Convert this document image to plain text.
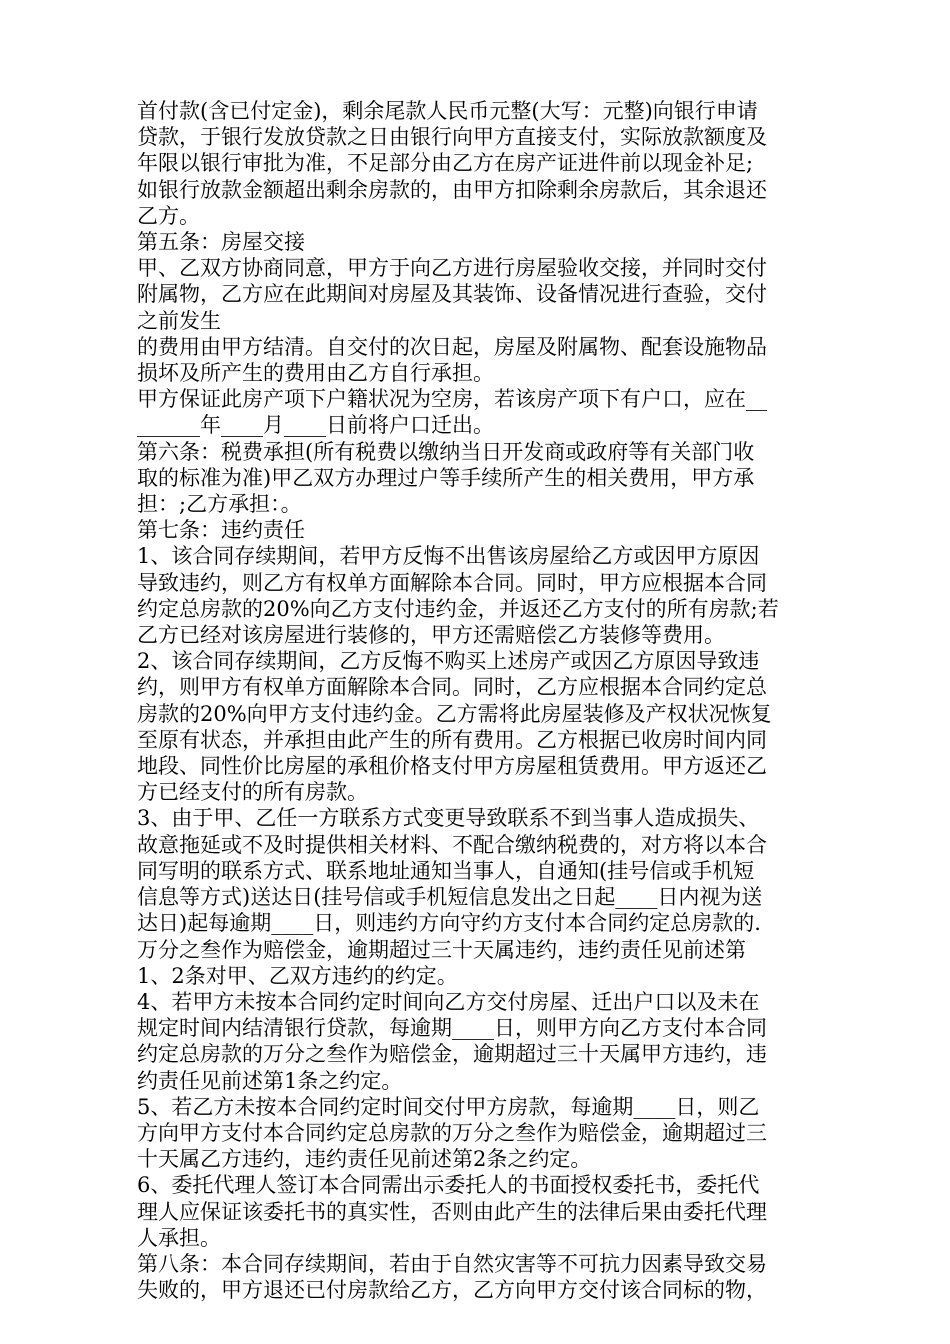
首付款(含已付定金)，剩余尾款人民币元整(大写：元整)向银行申请
贷款，于银行发放贷款之日由银行向甲方直接支付，实际放款额度及
年限以银行审批为准，不足部分由乙方在房产证进件前以现金补足;
如银行放款金额超出剩余房款的，由甲方扣除剩余房款后，其余退还
乙方。
第五条：房屋交接
甲、乙双方协商同意，甲方于向乙方进行房屋验收交接，并同时交付
附属物，乙方应在此期间对房屋及其装饰、设备情况进行查验，交付
之前发生
的费用由甲方结清。自交付的次日起，房屋及附属物、配套设施物品
损坏及所产生的费用由乙方自行承担。
甲方保证此房产项下户籍状况为空房，若该房产项下有户口，应在__
______年____月____日前将户口迁出。
第六条：税费承担(所有税费以缴纳当日开发商或政府等有关部门收
取的标准为准)甲乙双方办理过户等手续所产生的相关费用，甲方承
担：;乙方承担：。
第七条：违约责任
1、该合同存续期间，若甲方反悔不出售该房屋给乙方或因甲方原因
导致违约，则乙方有权单方面解除本合同。同时，甲方应根据本合同
约定总房款的20%向乙方支付违约金，并返还乙方支付的所有房款;若
乙方已经对该房屋进行装修的，甲方还需赔偿乙方装修等费用。
2、该合同存续期间，乙方反悔不购买上述房产或因乙方原因导致违
约，则甲方有权单方面解除本合同。同时，乙方应根据本合同约定总
房款的20%向甲方支付违约金。乙方需将此房屋装修及产权状况恢复
至原有状态，并承担由此产生的所有费用。乙方根据已收房时间内同
地段、同性价比房屋的承租价格支付甲方房屋租赁费用。甲方返还乙
方已经支付的所有房款。
3、由于甲、乙任一方联系方式变更导致联系不到当事人造成损失、
故意拖延或不及时提供相关材料、不配合缴纳税费的，对方将以本合
同写明的联系方式、联系地址通知当事人，自通知(挂号信或手机短
信息等方式)送达日(挂号信或手机短信息发出之日起____日内视为送
达日)起每逾期____日，则违约方向守约方支付本合同约定总房款的.
万分之叁作为赔偿金，逾期超过三十天属违约，违约责任见前述第
1、2条对甲、乙双方违约的约定。
4、若甲方未按本合同约定时间向乙方交付房屋、迁出户口以及未在
规定时间内结清银行贷款，每逾期____日，则甲方向乙方支付本合同
约定总房款的万分之叁作为赔偿金，逾期超过三十天属甲方违约，违
约责任见前述第1条之约定。
5、若乙方未按本合同约定时间交付甲方房款，每逾期____日，则乙
方向甲方支付本合同约定总房款的万分之叁作为赔偿金，逾期超过三
十天属乙方违约，违约责任见前述第2条之约定。
6、委托代理人签订本合同需出示委托人的书面授权委托书，委托代
理人应保证该委托书的真实性，否则由此产生的法律后果由委托代理
人承担。
第八条：本合同存续期间，若由于自然灾害等不可抗力因素导致交易
失败的，甲方退还已付房款给乙方，乙方向甲方交付该合同标的物，
